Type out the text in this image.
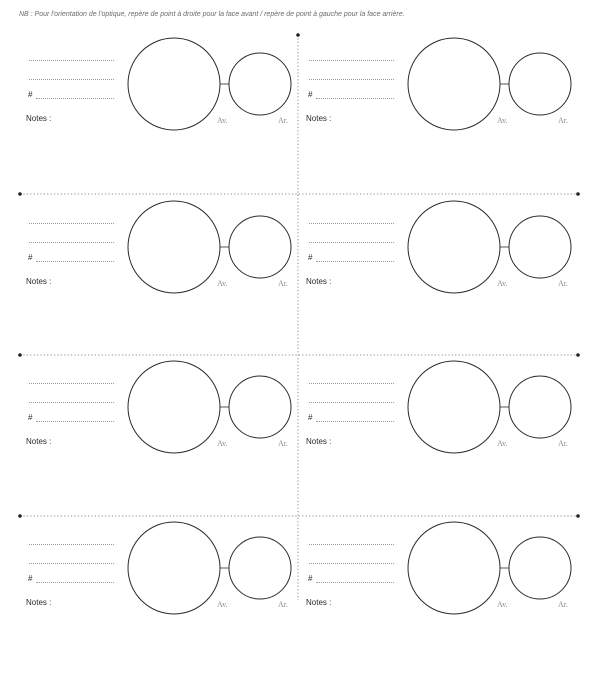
NB : Pour l'orientation de l'optique, repère de point à droite pour la face avant / repère de point à gauche pour la face arrière.
#
Notes :	Av.	Ar.
#
Notes :	Av.	Ar.
#
Notes :	Av.	Ar.
#
Notes :	Av.	Ar.
#
Notes :	Av.	Ar.
#
Notes :	Av.	Ar.
#
Notes :	Av.	Ar.
#
Notes :	Av.	Ar.
